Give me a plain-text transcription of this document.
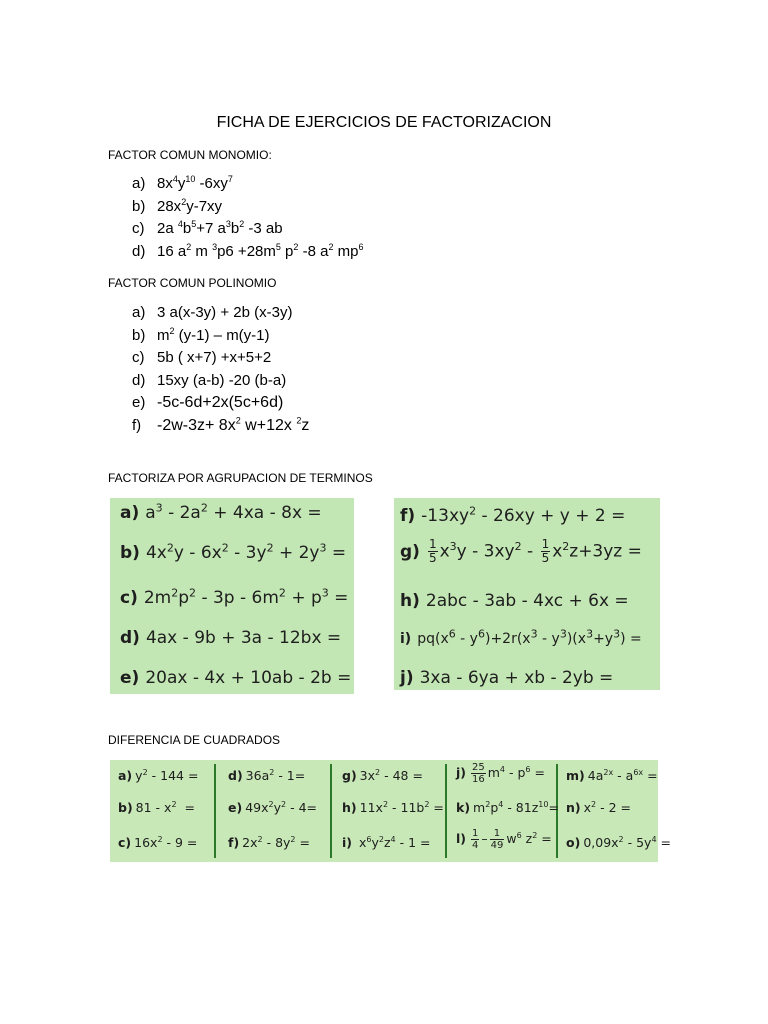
FICHA DE EJERCICIOS DE FACTORIZACION
FACTOR COMUN MONOMIO:
a) $8x^4y^{10}$ $-6xy^7$
b) $28x^2y-7xy$
c) 2a $^4b^5+7$ $a^3b^2$ -3 ab
d) 16 $a^2$ m $^3p6 +28m^5$ $p^2$ -8 $a^2$ $mp^6$
FACTOR COMUN POLINOMIO
a) 3 a(x-3y) + 2b (x-3y)
b) $m^2$ (y-1) – m(y-1)
c) 5b ( x+7) +x+5+2
d) 15xy (a-b) -20 (b-a)
e) -5c-6d+2x(5c+6d)
f) $-2w-3z+ 8x^2$ w+12x $^2$z
FACTORIZA POR AGRUPACION DE TERMINOS
a) $a^3 - 2a^2 + 4xa - 8x$ =
b) $4x^2y - 6x^2 - 3y^2 + 2y^3$ =
c) $2m^2p^2 - 3p - 6m^2 + p^3$ =
d) 4ax - 9b + 3a - 12bx =
e) 20ax - 4x + 10ab - 2b =
f) $-13xy^2 - 26xy + y + 2$ =
$g) \frac{1}{5} x^3y - 3xy^2 - \frac{1}{5} x^2z+3yz$ =
h) 2abc - 3ab - 4xc + 6x =
i) $pq(x^6 - y^6)+2r(x^3 - y^3)(x^3+y^3)$ =
j) 3xa - 6ya + xb - 2yb =
DIFERENCIA DE CUADRADOS
a) $y^2 - 144$ =
b) $81 - x^2$  =
c) $16x^2 - 9$ =
d) $36a^2 - 1=$
e) $49x^2y^2 - 4=$
f) $2x^2 - 8y^2$ =
g) $3x^2 - 48$ =
h) $11x^2 - 11b^2$ =
i) $x^6y^2z^4 - 1$ =
$j) \frac{25}{16} m^4 - p^6$ =
k) $m^2p^4 - 81z^{10}=$
$l) \frac{1}{4} - \frac{1}{49} w^6$ $z^2$ =
m) $4a^{2x} - a^{6x}$ =
n) $x^2 - 2$ =
o) $0,09x^2 - 5y^4$ =
